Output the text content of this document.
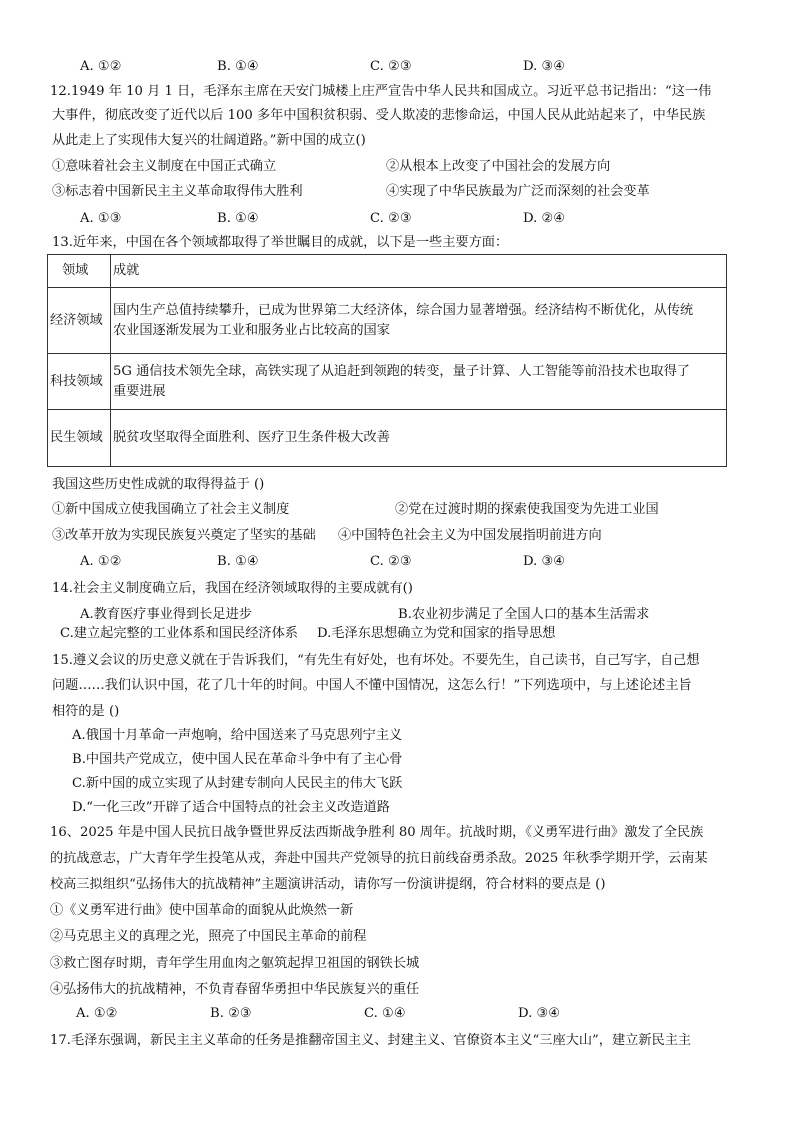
A. ①②	B. ①④	C. ②③	D. ③④
12.1949 年 10 月 1 日，毛泽东主席在天安门城楼上庄严宣告中华人民共和国成立。习近平总书记指出：“这一伟
大事件，彻底改变了近代以后 100 多年中国积贫积弱、受人欺凌的悲惨命运，中国人民从此站起来了，中华民族
从此走上了实现伟大复兴的壮阔道路。”新中国的成立()
①意味着社会主义制度在中国正式确立	②从根本上改变了中国社会的发展方向
③标志着中国新民主主义革命取得伟大胜利	④实现了中华民族最为广泛而深刻的社会变革
A. ①③	B. ①④	C. ②③	D. ②④
13.近年来，中国在各个领域都取得了举世瞩目的成就，以下是一些主要方面：
领域	成就
经济领域	国内生产总值持续攀升，已成为世界第二大经济体，综合国力显著增强。经济结构不断优化，从传统
农业国逐渐发展为工业和服务业占比较高的国家

科技领域	5G 通信技术领先全球，高铁实现了从追赶到领跑的转变，量子计算、人工智能等前沿技术也取得了
重要进展

民生领域	脱贫攻坚取得全面胜利、医疗卫生条件极大改善
我国这些历史性成就的取得得益于 ()
①新中国成立使我国确立了社会主义制度	②党在过渡时期的探索使我国变为先进工业国
③改革开放为实现民族复兴奠定了坚实的基础 ④中国特色社会主义为中国发展指明前进方向
A. ①②	B. ①④	C. ②③	D. ③④
14.社会主义制度确立后，我国在经济领域取得的主要成就有()
A.教育医疗事业得到长足进步	B.农业初步满足了全国人口的基本生活需求
C.建立起完整的工业体系和国民经济体系 D.毛泽东思想确立为党和国家的指导思想
15.遵义会议的历史意义就在于告诉我们，“有先生有好处，也有坏处。不要先生，自己读书，自己写字，自己想
问题……我们认识中国，花了几十年的时间。中国人不懂中国情况，这怎么行！”下列选项中，与上述论述主旨
相符的是 ()
A.俄国十月革命一声炮响，给中国送来了马克思列宁主义
B.中国共产党成立，使中国人民在革命斗争中有了主心骨
C.新中国的成立实现了从封建专制向人民民主的伟大飞跃
D.“一化三改”开辟了适合中国特点的社会主义改造道路
16、2025 年是中国人民抗日战争暨世界反法西斯战争胜利 80 周年。抗战时期，《义勇军进行曲》激发了全民族
的抗战意志，广大青年学生投笔从戎，奔赴中国共产党领导的抗日前线奋勇杀敌。2025 年秋季学期开学，云南某
校高三拟组织“弘扬伟大的抗战精神”主题演讲活动，请你写一份演讲提纲，符合材料的要点是 ()
①《义勇军进行曲》使中国革命的面貌从此焕然一新
②马克思主义的真理之光，照亮了中国民主革命的前程
③救亡图存时期，青年学生用血肉之躯筑起捍卫祖国的钢铁长城
④弘扬伟大的抗战精神，不负青春留华勇担中华民族复兴的重任
A. ①②	B. ②③	C. ①④	D. ③④
17.毛泽东强调，新民主主义革命的任务是推翻帝国主义、封建主义、官僚资本主义“三座大山”，建立新民主主
